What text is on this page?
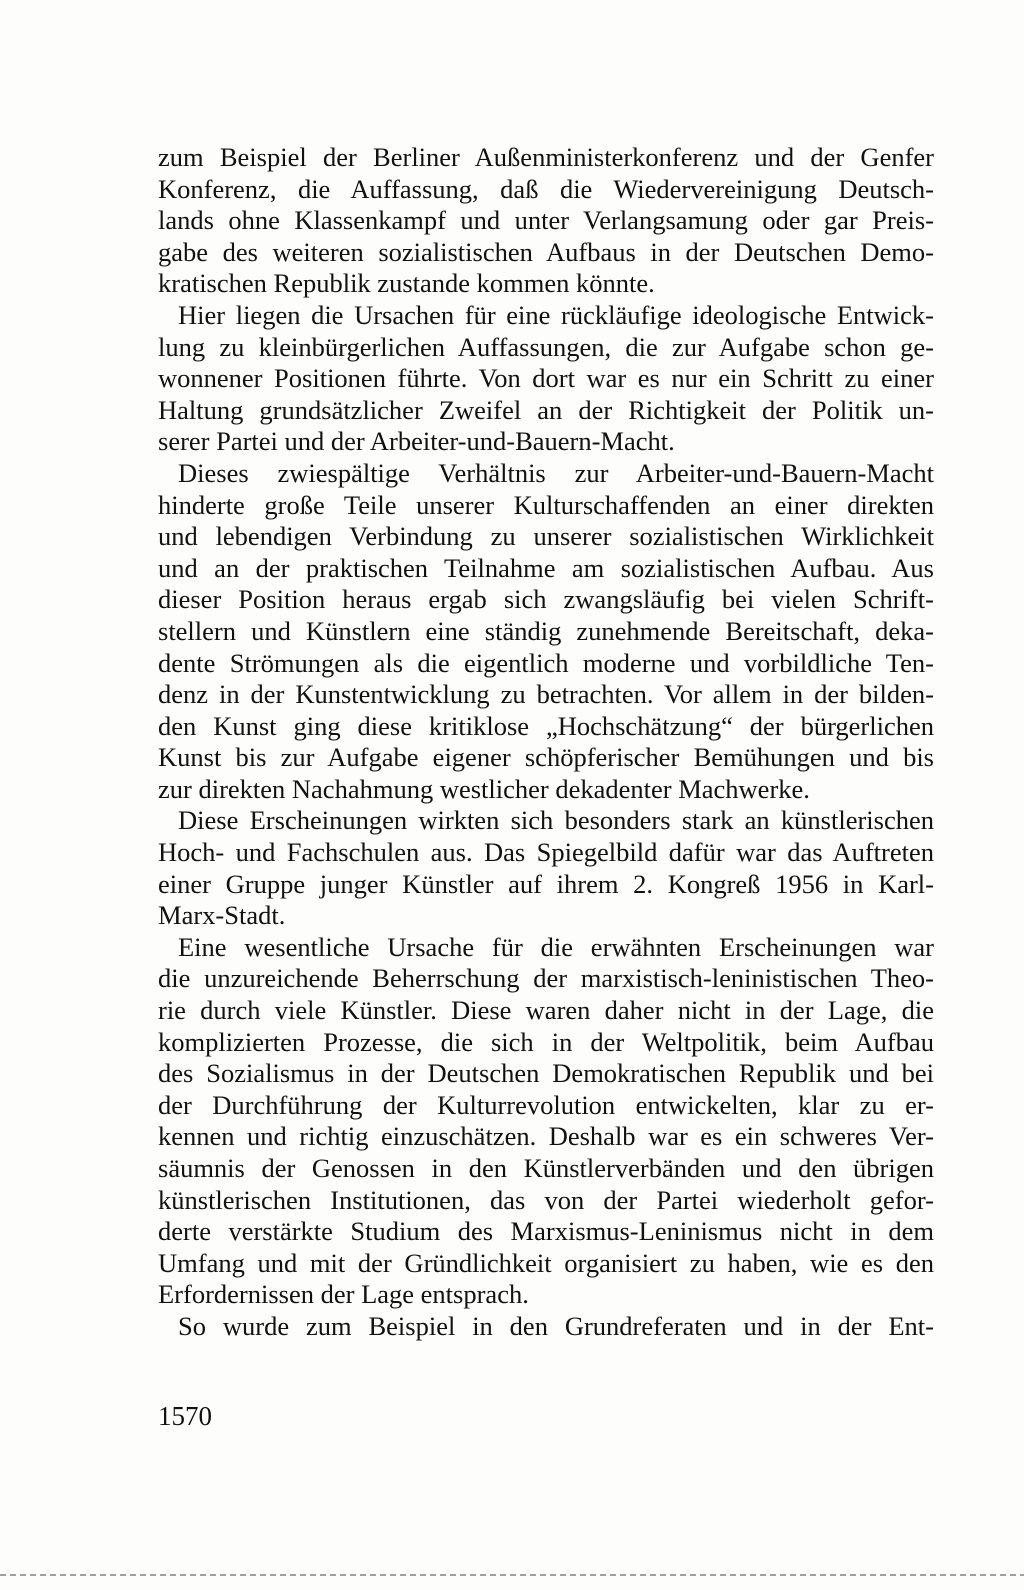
zum Beispiel der Berliner Außenministerkonferenz und der Genfer
Konferenz, die Auffassung, daß die Wiedervereinigung Deutsch-
lands ohne Klassenkampf und unter Verlangsamung oder gar Preis-
gabe des weiteren sozialistischen Aufbaus in der Deutschen Demo-
kratischen Republik zustande kommen könnte.
Hier liegen die Ursachen für eine rückläufige ideologische Entwick-
lung zu kleinbürgerlichen Auffassungen, die zur Aufgabe schon ge-
wonnener Positionen führte. Von dort war es nur ein Schritt zu einer
Haltung grundsätzlicher Zweifel an der Richtigkeit der Politik un-
serer Partei und der Arbeiter-und-Bauern-Macht.
Dieses zwiespältige Verhältnis zur Arbeiter-und-Bauern-Macht
hinderte große Teile unserer Kulturschaffenden an einer direkten
und lebendigen Verbindung zu unserer sozialistischen Wirklichkeit
und an der praktischen Teilnahme am sozialistischen Aufbau. Aus
dieser Position heraus ergab sich zwangsläufig bei vielen Schrift-
stellern und Künstlern eine ständig zunehmende Bereitschaft, deka-
dente Strömungen als die eigentlich moderne und vorbildliche Ten-
denz in der Kunstentwicklung zu betrachten. Vor allem in der bilden-
den Kunst ging diese kritiklose „Hochschätzung“ der bürgerlichen
Kunst bis zur Aufgabe eigener schöpferischer Bemühungen und bis
zur direkten Nachahmung westlicher dekadenter Machwerke.
Diese Erscheinungen wirkten sich besonders stark an künstlerischen
Hoch- und Fachschulen aus. Das Spiegelbild dafür war das Auftreten
einer Gruppe junger Künstler auf ihrem 2. Kongreß 1956 in Karl-
Marx-Stadt.
Eine wesentliche Ursache für die erwähnten Erscheinungen war
die unzureichende Beherrschung der marxistisch-leninistischen Theo-
rie durch viele Künstler. Diese waren daher nicht in der Lage, die
komplizierten Prozesse, die sich in der Weltpolitik, beim Aufbau
des Sozialismus in der Deutschen Demokratischen Republik und bei
der Durchführung der Kulturrevolution entwickelten, klar zu er-
kennen und richtig einzuschätzen. Deshalb war es ein schweres Ver-
säumnis der Genossen in den Künstlerverbänden und den übrigen
künstlerischen Institutionen, das von der Partei wiederholt gefor-
derte verstärkte Studium des Marxismus-Leninismus nicht in dem
Umfang und mit der Gründlichkeit organisiert zu haben, wie es den
Erfordernissen der Lage entsprach.
So wurde zum Beispiel in den Grundreferaten und in der Ent-
1570
